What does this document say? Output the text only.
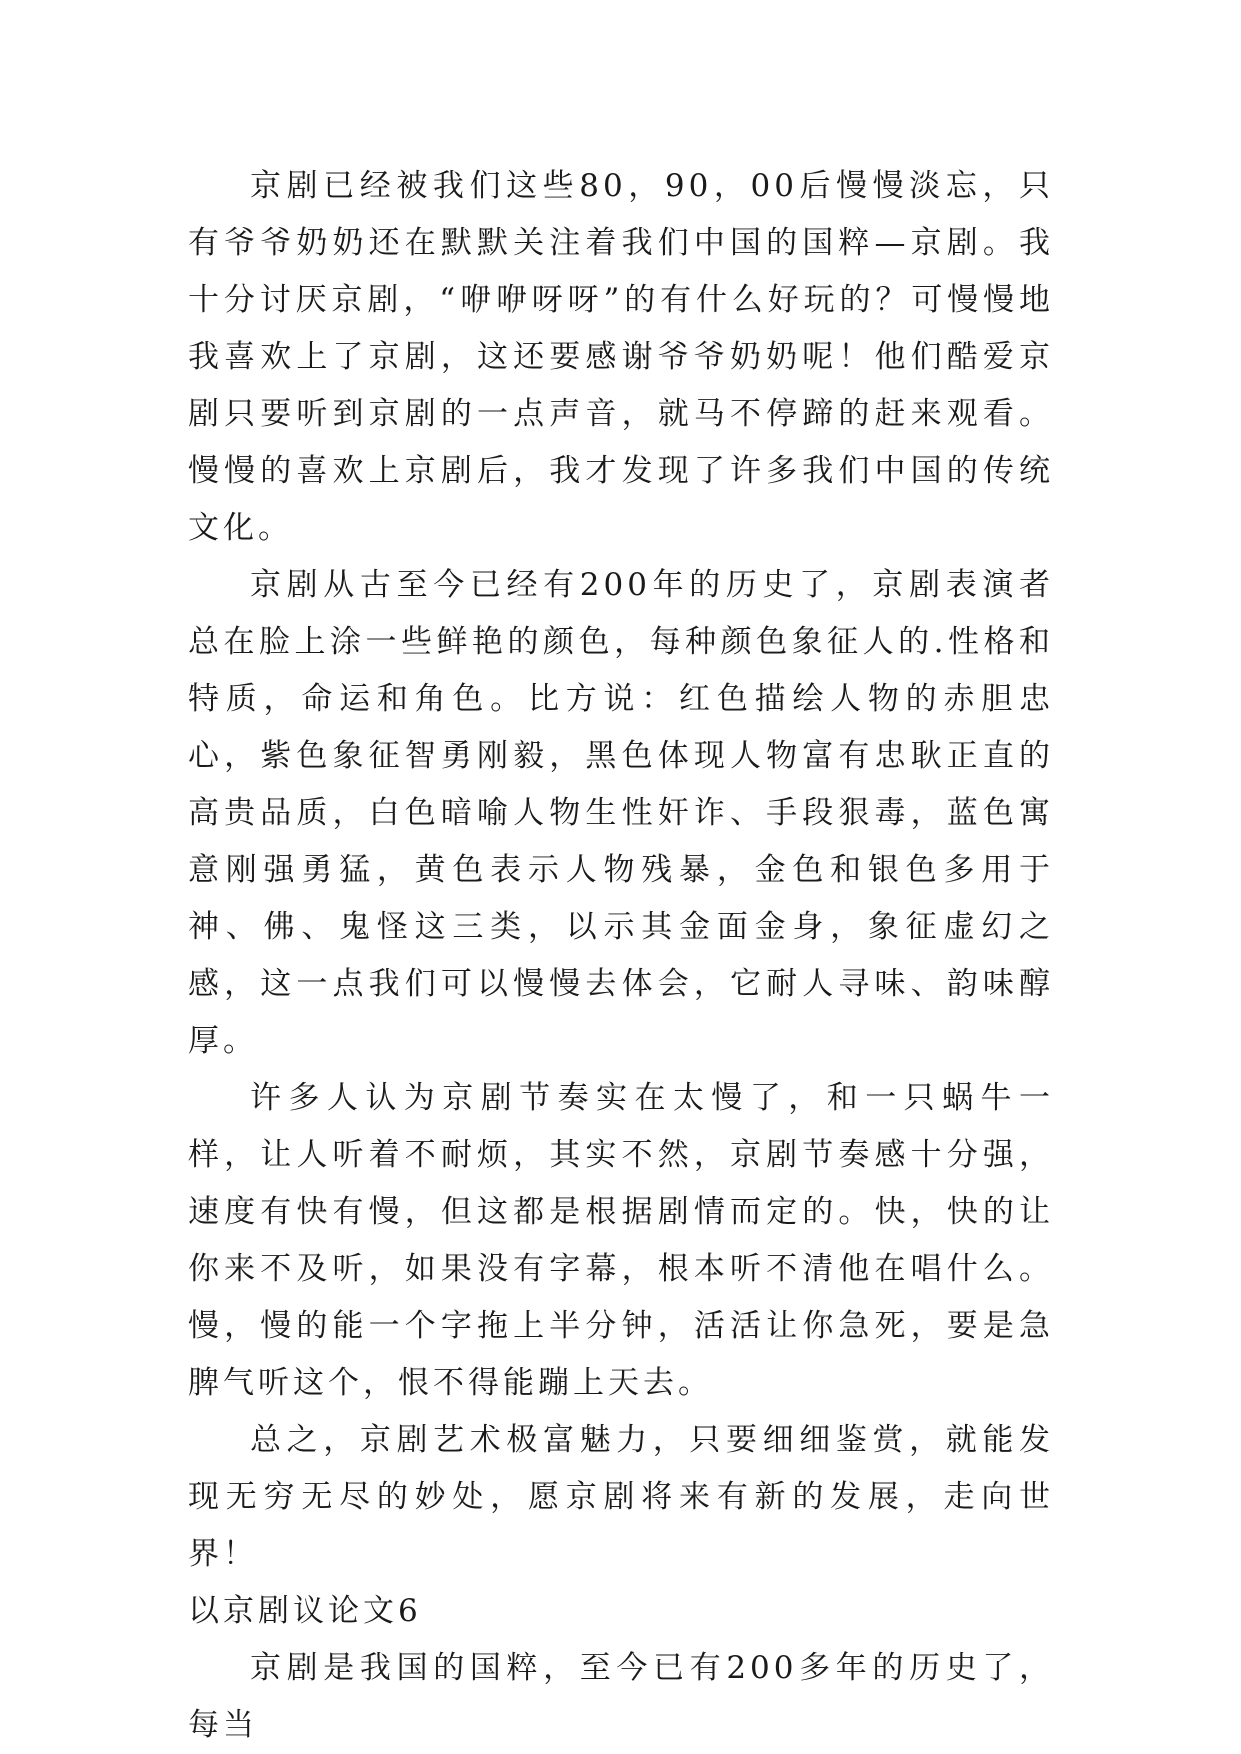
京剧已经被我们这些80，90，00后慢慢淡忘，只有爷爷奶奶还在默默关注着我们中国的国粹—京剧。我十分讨厌京剧，“咿咿呀呀”的有什么好玩的？可慢慢地我喜欢上了京剧，这还要感谢爷爷奶奶呢！他们酷爱京剧只要听到京剧的一点声音，就马不停蹄的赶来观看。慢慢的喜欢上京剧后，我才发现了许多我们中国的传统文化。

京剧从古至今已经有200年的历史了，京剧表演者总在脸上涂一些鲜艳的颜色，每种颜色象征人的.性格和特质，命运和角色。比方说：红色描绘人物的赤胆忠心，紫色象征智勇刚毅，黑色体现人物富有忠耿正直的高贵品质，白色暗喻人物生性奸诈、手段狠毒，蓝色寓意刚强勇猛，黄色表示人物残暴，金色和银色多用于神、佛、鬼怪这三类，以示其金面金身，象征虚幻之感，这一点我们可以慢慢去体会，它耐人寻味、韵味醇厚。

许多人认为京剧节奏实在太慢了，和一只蜗牛一样，让人听着不耐烦，其实不然，京剧节奏感十分强，速度有快有慢，但这都是根据剧情而定的。快，快的让你来不及听，如果没有字幕，根本听不清他在唱什么。慢，慢的能一个字拖上半分钟，活活让你急死，要是急脾气听这个，恨不得能蹦上天去。

总之，京剧艺术极富魅力，只要细细鉴赏，就能发现无穷无尽的妙处，愿京剧将来有新的发展，走向世界！

以京剧议论文6

京剧是我国的国粹，至今已有200多年的历史了，每当
